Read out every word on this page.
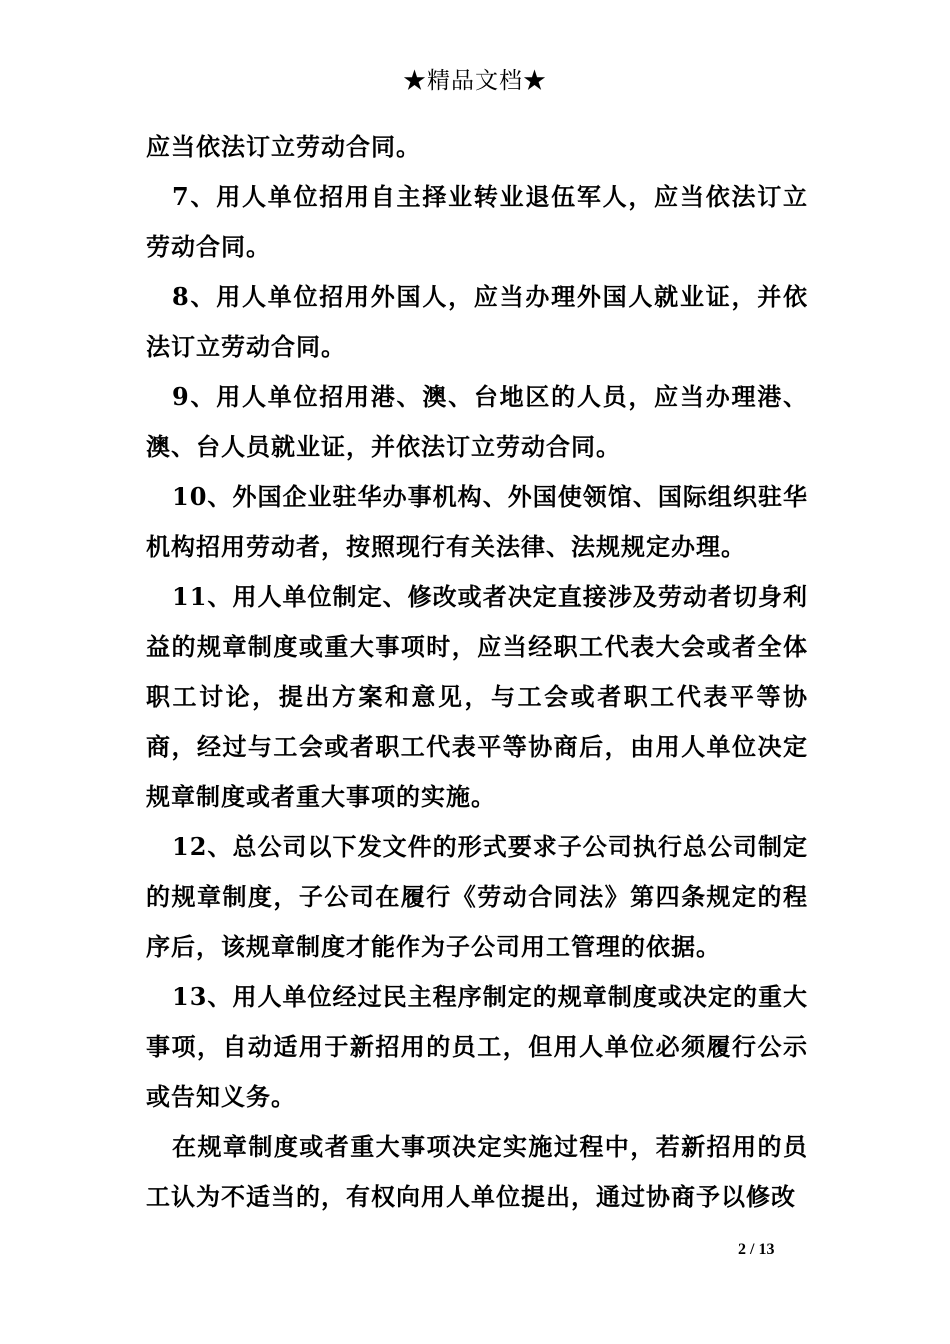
★精品文档★

应当依法订立劳动合同。

7、用人单位招用自主择业转业退伍军人，应当依法订立劳动合同。

8、用人单位招用外国人，应当办理外国人就业证，并依法订立劳动合同。

9、用人单位招用港、澳、台地区的人员，应当办理港、澳、台人员就业证，并依法订立劳动合同。

10、外国企业驻华办事机构、外国使领馆、国际组织驻华机构招用劳动者，按照现行有关法律、法规规定办理。

11、用人单位制定、修改或者决定直接涉及劳动者切身利益的规章制度或重大事项时，应当经职工代表大会或者全体职工讨论，提出方案和意见，与工会或者职工代表平等协商，经过与工会或者职工代表平等协商后，由用人单位决定规章制度或者重大事项的实施。

12、总公司以下发文件的形式要求子公司执行总公司制定的规章制度，子公司在履行《劳动合同法》第四条规定的程序后，该规章制度才能作为子公司用工管理的依据。

13、用人单位经过民主程序制定的规章制度或决定的重大事项，自动适用于新招用的员工，但用人单位必须履行公示或告知义务。

在规章制度或者重大事项决定实施过程中，若新招用的员工认为不适当的，有权向用人单位提出，通过协商予以修改

2 / 13
